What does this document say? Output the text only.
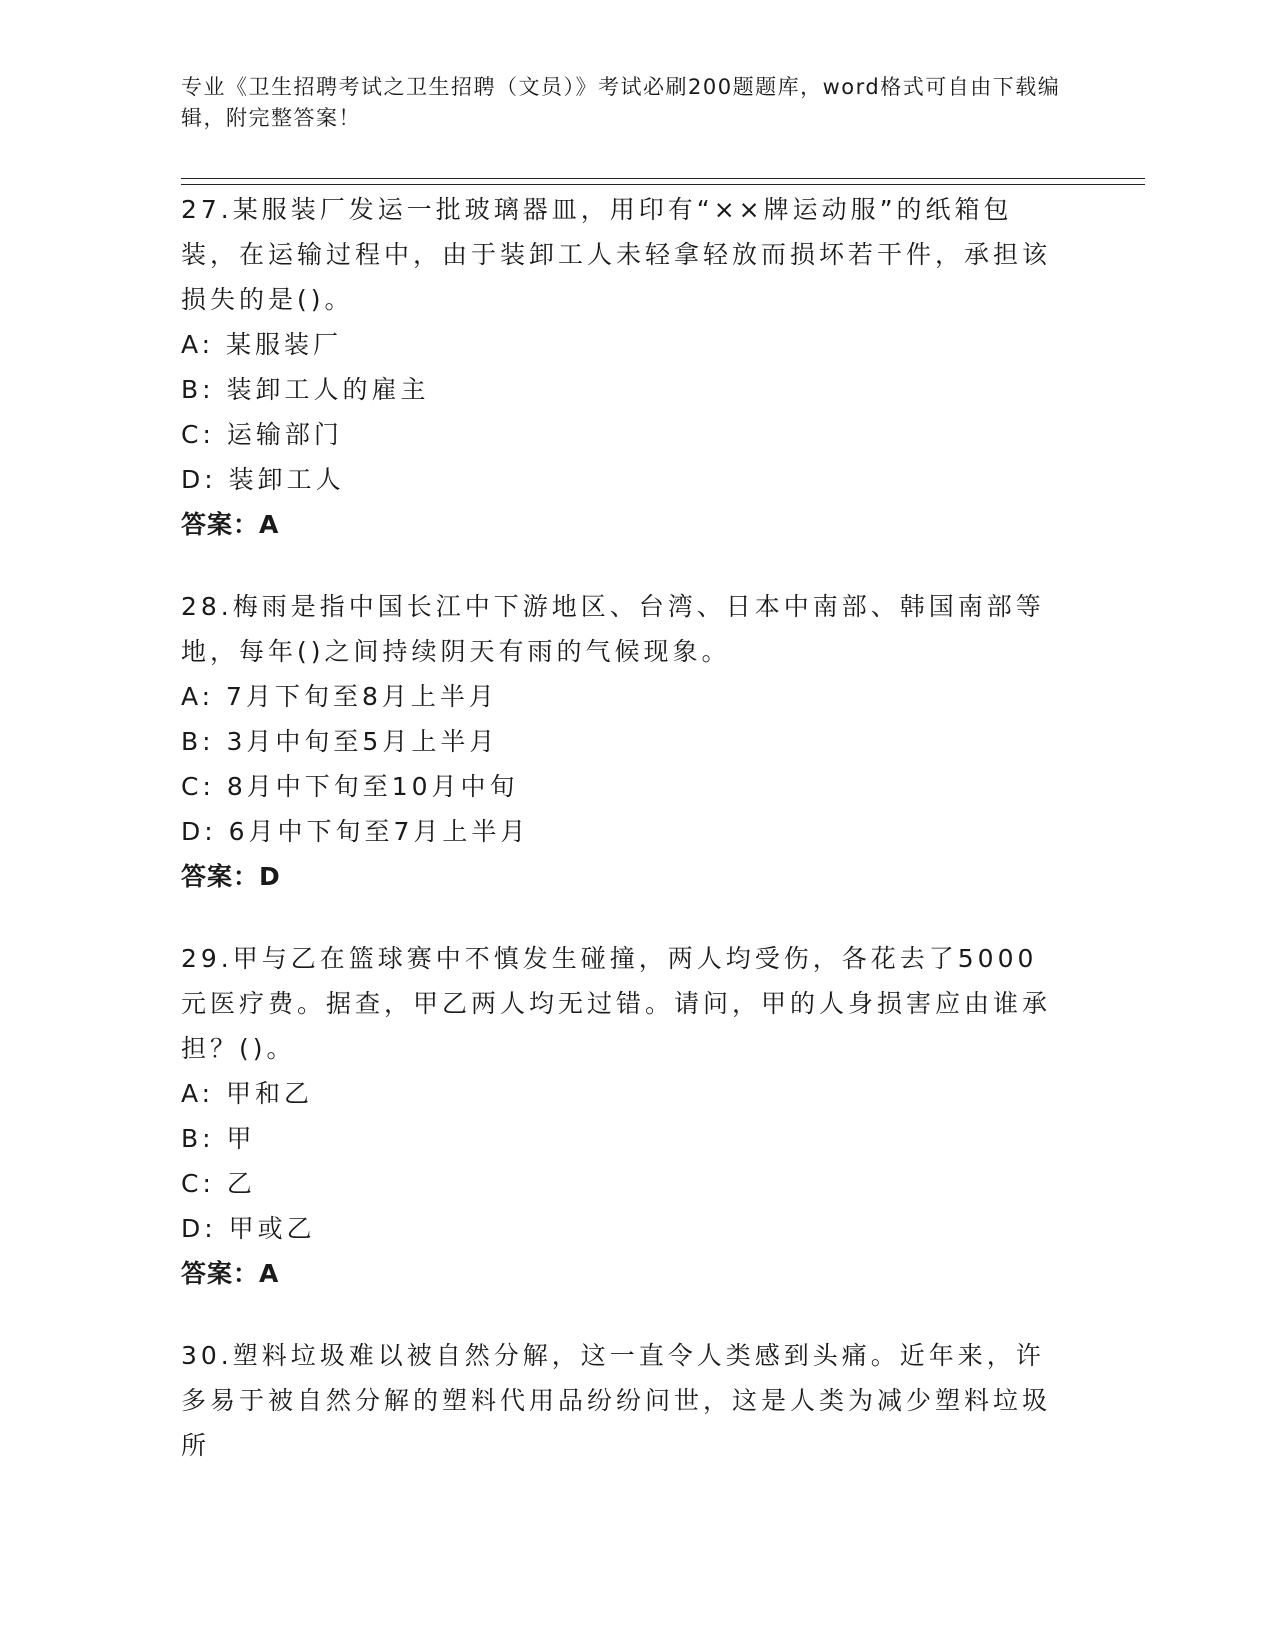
专业《卫生招聘考试之卫生招聘（文员）》考试必刷200题题库，word格式可自由下载编辑，附完整答案！

27.某服装厂发运一批玻璃器皿，用印有“××牌运动服”的纸箱包装，在运输过程中，由于装卸工人未轻拿轻放而损坏若干件，承担该损失的是()。

A: 某服装厂

B: 装卸工人的雇主

C: 运输部门

D: 装卸工人

答案：A

28.梅雨是指中国长江中下游地区、台湾、日本中南部、韩国南部等地，每年()之间持续阴天有雨的气候现象。

A: 7月下旬至8月上半月

B: 3月中旬至5月上半月

C: 8月中下旬至10月中旬

D: 6月中下旬至7月上半月

答案：D

29.甲与乙在篮球赛中不慎发生碰撞，两人均受伤，各花去了5000元医疗费。据查，甲乙两人均无过错。请问，甲的人身损害应由谁承担？()。

A: 甲和乙

B: 甲

C: 乙

D: 甲或乙

答案：A

30.塑料垃圾难以被自然分解，这一直令人类感到头痛。近年来，许多易于被自然分解的塑料代用品纷纷问世，这是人类为减少塑料垃圾所
